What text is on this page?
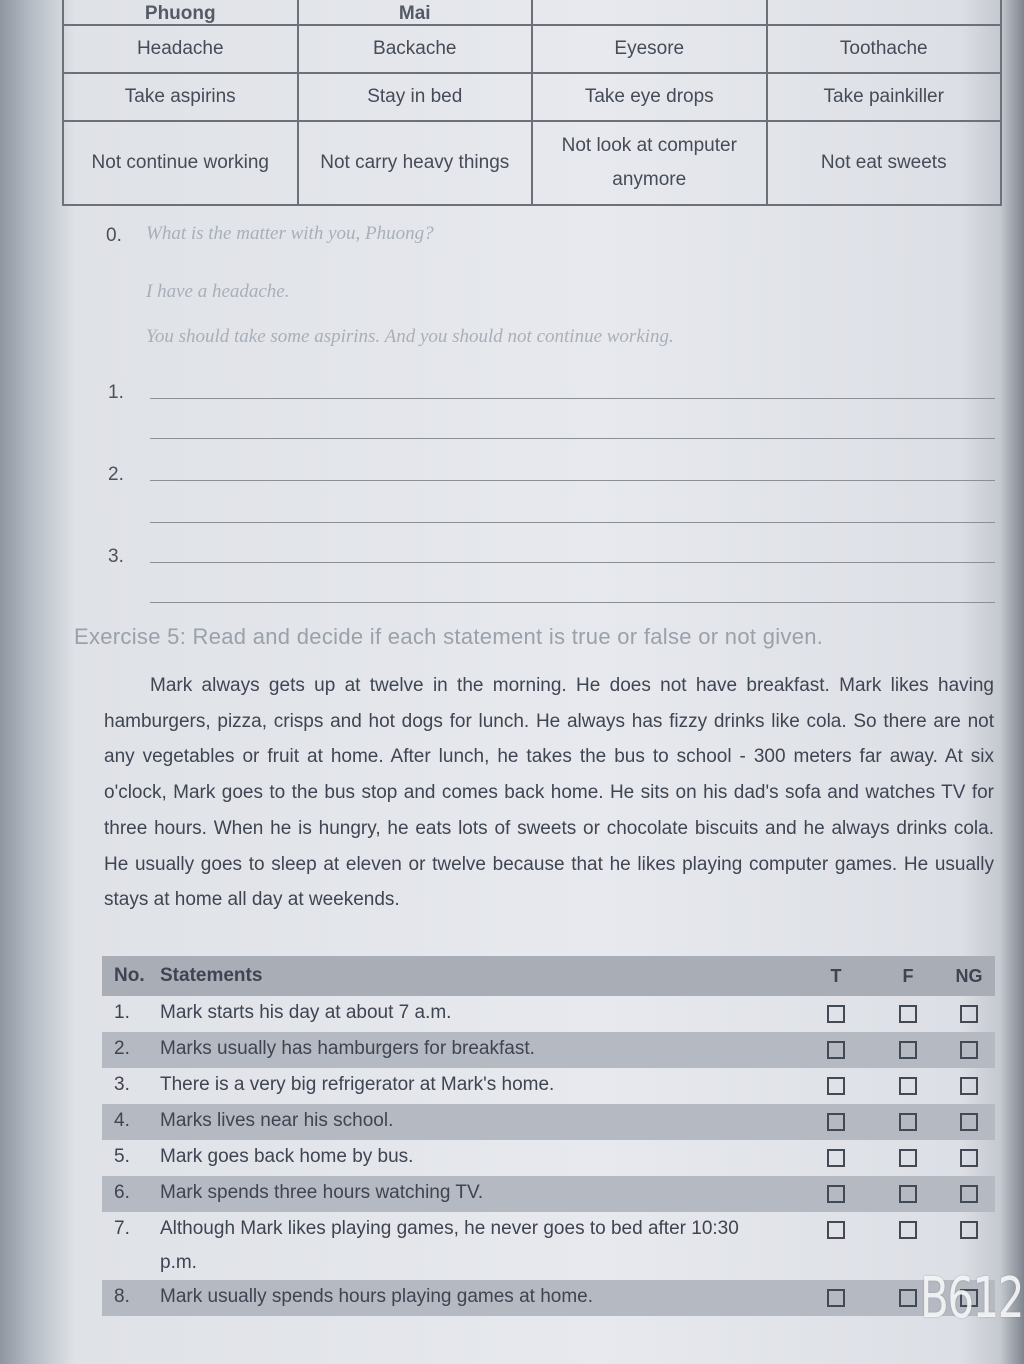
Phuong	Mai		
Headache	Backache	Eyesore	Toothache
Take aspirins	Stay in bed	Take eye drops	Take painkiller
Not continue working	Not carry heavy things	Not look at computer anymore	Not eat sweets
0. What is the matter with you, Phuong?
I have a headache.
You should take some aspirins. And you should not continue working.
1.
2.
3.
Exercise 5: Read and decide if each statement is true or false or not given.
Mark always gets up at twelve in the morning. He does not have breakfast. Mark likes having hamburgers, pizza, crisps and hot dogs for lunch. He always has fizzy drinks like cola. So there are not any vegetables or fruit at home. After lunch, he takes the bus to school - 300 meters far away. At six o'clock, Mark goes to the bus stop and comes back home. He sits on his dad's sofa and watches TV for three hours. When he is hungry, he eats lots of sweets or chocolate biscuits and he always drinks cola. He usually goes to sleep at eleven or twelve because that he likes playing computer games. He usually stays at home all day at weekends.
No. Statements	T	F	NG
1.	Mark starts his day at about 7 a.m.
2.	Marks usually has hamburgers for breakfast.
3.	There is a very big refrigerator at Mark's home.
4.	Marks lives near his school.
5.	Mark goes back home by bus.
6.	Mark spends three hours watching TV.
7.	Although Mark likes playing games, he never goes to bed after 10:30 p.m.
8.	Mark usually spends hours playing games at home.	B612
